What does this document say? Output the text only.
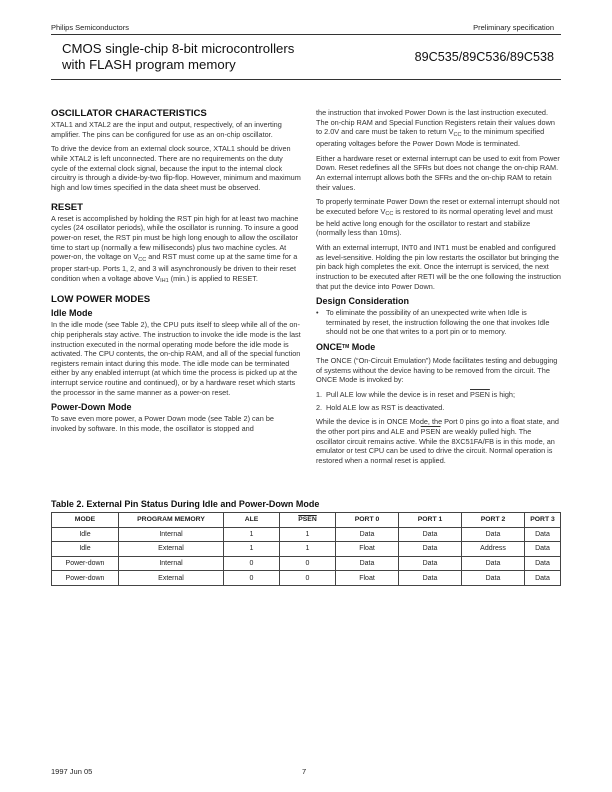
Philips Semiconductors	Preliminary specification
CMOS single-chip 8-bit microcontrollers
with FLASH program memory	89C535/89C536/89C538
OSCILLATOR CHARACTERISTICS

XTAL1 and XTAL2 are the input and output, respectively, of an inverting amplifier. The pins can be configured for use as an on-chip oscillator.

To drive the device from an external clock source, XTAL1 should be driven while XTAL2 is left unconnected. There are no requirements on the duty cycle of the external clock signal, because the input to the internal clock circuitry is through a divide-by-two flip-flop. However, minimum and maximum high and low times specified in the data sheet must be observed.

RESET

A reset is accomplished by holding the RST pin high for at least two machine cycles (24 oscillator periods), while the oscillator is running. To insure a good power-on reset, the RST pin must be high long enough to allow the oscillator time to start up (normally a few milliseconds) plus two machine cycles. At power-on, the voltage on $V_{CC}$ and RST must come up at the same time for a proper start-up. Ports 1, 2, and 3 will asynchronously be driven to their reset condition when a voltage above $V_{IH1}$ (min.) is applied to RESET.

LOW POWER MODES
Idle Mode

In the idle mode (see Table 2), the CPU puts itself to sleep while all of the on-chip peripherals stay active. The instruction to invoke the idle mode is the last instruction executed in the normal operating mode before the idle mode is activated. The CPU contents, the on-chip RAM, and all of the special function registers remain intact during this mode. The idle mode can be terminated either by any enabled interrupt (at which time the process is picked up at the interrupt service routine and continued), or by a hardware reset which starts the processor in the same manner as a power-on reset.

Power-Down Mode

To save even more power, a Power Down mode (see Table 2) can be invoked by software. In this mode, the oscillator is stopped and

the instruction that invoked Power Down is the last instruction executed. The on-chip RAM and Special Function Registers retain their values down to 2.0V and care must be taken to return $V_{CC}$ to the minimum specified operating voltages before the Power Down Mode is terminated.

Either a hardware reset or external interrupt can be used to exit from Power Down. Reset redefines all the SFRs but does not change the on-chip RAM. An external interrupt allows both the SFRs and the on-chip RAM to retain their values.

To properly terminate Power Down the reset or external interrupt should not be executed before $V_{CC}$ is restored to its normal operating level and must be held active long enough for the oscillator to restart and stabilize (normally less than 10ms).

With an external interrupt, INT0 and INT1 must be enabled and configured as level-sensitive. Holding the pin low restarts the oscillator but bringing the pin back high completes the exit. Once the interrupt is serviced, the next instruction to be executed after RETI will be the one following the instruction that put the device into Power Down.

Design Consideration
•	To eliminate the possibility of an unexpected write when Idle is terminated by reset, the instruction following the one that invokes Idle should not be one that writes to a port pin or to memory.
ONCE™ Mode

The ONCE (“On-Circuit Emulation”) Mode facilitates testing and debugging of systems without the device having to be removed from the circuit. The ONCE Mode is invoked by:

1. Pull ALE low while the device is in reset and PSEN is high;
2. Hold ALE low as RST is deactivated.

While the device is in ONCE Mode, the Port 0 pins go into a float state, and the other port pins and ALE and PSEN are weakly pulled high. The oscillator circuit remains active. While the 8XC51FA/FB is in this mode, an emulator or test CPU can be used to drive the circuit. Normal operation is restored when a normal reset is applied.

Table 2. External Pin Status During Idle and Power-Down Mode
MODE	PROGRAM MEMORY	ALE	PSEN	PORT 0	PORT 1	PORT 2	PORT 3
Idle	Internal	1	1	Data	Data	Data	Data
Idle	External	1	1	Float	Data	Address	Data
Power-down	Internal	0	0	Data	Data	Data	Data
Power-down	External	0	0	Float	Data	Data	Data
1997 Jun 05	7
